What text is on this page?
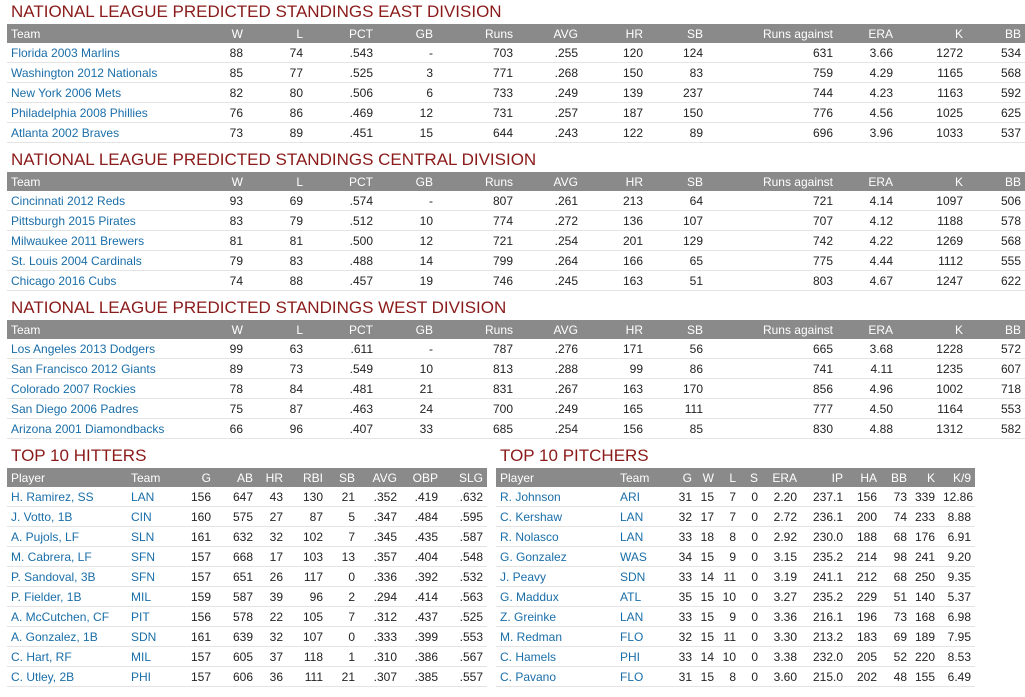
NATIONAL LEAGUE PREDICTED STANDINGS EAST DIVISION
Team	W	L	PCT	GB	Runs	AVG	HR	SB	Runs against	ERA	K	BB
Florida 2003 Marlins	88	74	.543	-	703	.255	120	124	631	3.66	1272	534
Washington 2012 Nationals	85	77	.525	3	771	.268	150	83	759	4.29	1165	568
New York 2006 Mets	82	80	.506	6	733	.249	139	237	744	4.23	1163	592
Philadelphia 2008 Phillies	76	86	.469	12	731	.257	187	150	776	4.56	1025	625
Atlanta 2002 Braves	73	89	.451	15	644	.243	122	89	696	3.96	1033	537
NATIONAL LEAGUE PREDICTED STANDINGS CENTRAL DIVISION
Team	W	L	PCT	GB	Runs	AVG	HR	SB	Runs against	ERA	K	BB
Cincinnati 2012 Reds	93	69	.574	-	807	.261	213	64	721	4.14	1097	506
Pittsburgh 2015 Pirates	83	79	.512	10	774	.272	136	107	707	4.12	1188	578
Milwaukee 2011 Brewers	81	81	.500	12	721	.254	201	129	742	4.22	1269	568
St. Louis 2004 Cardinals	79	83	.488	14	799	.264	166	65	775	4.44	1112	555
Chicago 2016 Cubs	74	88	.457	19	746	.245	163	51	803	4.67	1247	622
NATIONAL LEAGUE PREDICTED STANDINGS WEST DIVISION
Team	W	L	PCT	GB	Runs	AVG	HR	SB	Runs against	ERA	K	BB
Los Angeles 2013 Dodgers	99	63	.611	-	787	.276	171	56	665	3.68	1228	572
San Francisco 2012 Giants	89	73	.549	10	813	.288	99	86	741	4.11	1235	607
Colorado 2007 Rockies	78	84	.481	21	831	.267	163	170	856	4.96	1002	718
San Diego 2006 Padres	75	87	.463	24	700	.249	165	111	777	4.50	1164	553
Arizona 2001 Diamondbacks	66	96	.407	33	685	.254	156	85	830	4.88	1312	582
TOP 10 HITTERS
Player	Team	G	AB	HR	RBI	SB	AVG	OBP	SLG
H. Ramirez, SS	LAN	156	647	43	130	21	.352	.419	.632
J. Votto, 1B	CIN	160	575	27	87	5	.347	.484	.595
A. Pujols, LF	SLN	161	632	32	102	7	.345	.435	.587
M. Cabrera, LF	SFN	157	668	17	103	13	.357	.404	.548
P. Sandoval, 3B	SFN	157	651	26	117	0	.336	.392	.532
P. Fielder, 1B	MIL	159	587	39	96	2	.294	.414	.563
A. McCutchen, CF	PIT	156	578	22	105	7	.312	.437	.525
A. Gonzalez, 1B	SDN	161	639	32	107	0	.333	.399	.553
C. Hart, RF	MIL	157	605	37	118	1	.310	.386	.567
C. Utley, 2B	PHI	157	606	36	111	21	.307	.385	.557
TOP 10 PITCHERS
Player	Team	G	W	L	S	ERA	IP	HA	BB	K	K/9
R. Johnson	ARI	31	15	7	0	2.20	237.1	156	73	339	12.86
C. Kershaw	LAN	32	17	7	0	2.72	236.1	200	74	233	8.88
R. Nolasco	LAN	33	18	8	0	2.92	230.0	188	68	176	6.91
G. Gonzalez	WAS	34	15	9	0	3.15	235.2	214	98	241	9.20
J. Peavy	SDN	33	14	11	0	3.19	241.1	212	68	250	9.35
G. Maddux	ATL	35	15	10	0	3.27	235.2	229	51	140	5.37
Z. Greinke	LAN	33	15	9	0	3.36	216.1	196	73	168	6.98
M. Redman	FLO	32	15	11	0	3.30	213.2	183	69	189	7.95
C. Hamels	PHI	33	14	10	0	3.38	232.0	205	52	220	8.53
C. Pavano	FLO	31	15	8	0	3.60	215.0	202	48	155	6.49
